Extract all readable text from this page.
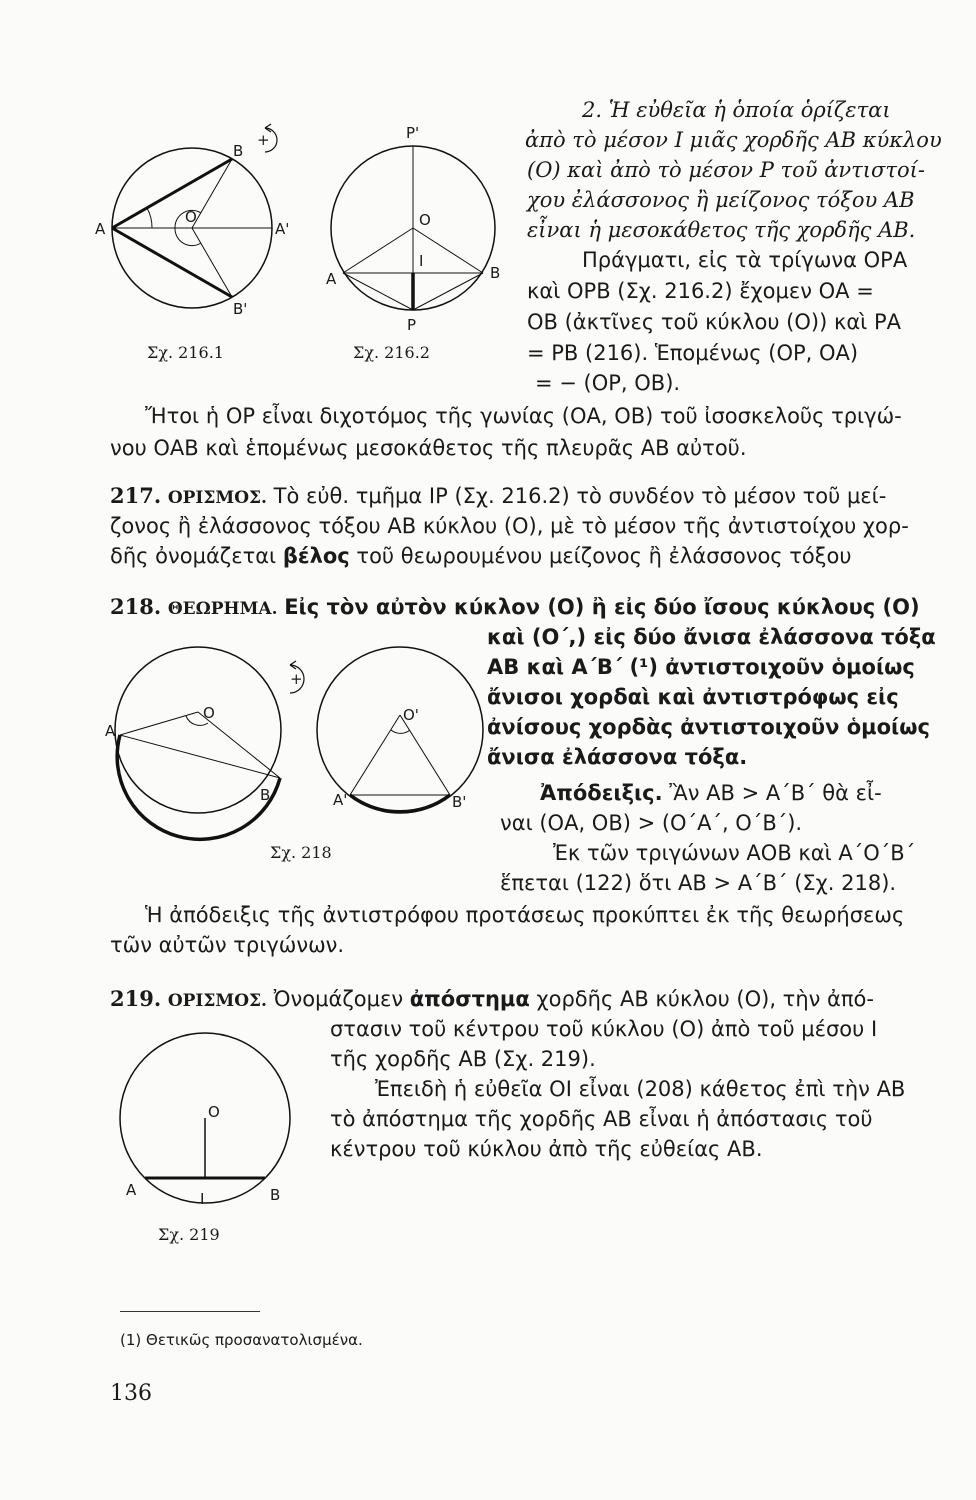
+
B
A	A'
O
B'
Σχ. 216.1
P'
O
I
A	B
P
Σχ. 216.2
2. Ἡ εὐθεῖα ἡ ὁποία ὁρίζεται
ἀπὸ τὸ μέσον Ι μιᾶς χορδῆς ΑΒ κύκλου
(Ο) καὶ ἀπὸ τὸ μέσον Ρ τοῦ ἀντιστοί-
χου ἐλάσσονος ἢ μείζονος τόξου ΑΒ
εἶναι ἡ μεσοκάθετος τῆς χορδῆς ΑΒ.
Πράγματι, εἰς τὰ τρίγωνα ΟΡΑ
καὶ ΟΡΒ (Σχ. 216.2) ἔχομεν ΟΑ =
ΟΒ (ἀκτῖνες τοῦ κύκλου (Ο)) καὶ ΡΑ
= ΡΒ (216). Ἑπομένως (ΟΡ, ΟΑ)
= − (ΟΡ, ΟΒ).
Ἤτοι ἡ ΟΡ εἶναι διχοτόμος τῆς γωνίας (ΟΑ, ΟΒ) τοῦ ἰσοσκελοῦς τριγώ-
νου ΟΑΒ καὶ ἑπομένως μεσοκάθετος τῆς πλευρᾶς ΑΒ αὐτοῦ.
217. ΟΡΙΣΜΟΣ. Τὸ εὐθ. τμῆμα ΙΡ (Σχ. 216.2) τὸ συνδέον τὸ μέσον τοῦ μεί-
ζονος ἢ ἐλάσσονος τόξου ΑΒ κύκλου (Ο), μὲ τὸ μέσον τῆς ἀντιστοίχου χορ-
δῆς ὀνομάζεται βέλος τοῦ θεωρουμένου μείζονος ἢ ἐλάσσονος τόξου
218. ΘΕΩΡΗΜΑ. Εἰς τὸν αὐτὸν κύκλον (Ο) ἢ εἰς δύο ἴσους κύκλους (Ο)
καὶ (Ο΄,) εἰς δύο ἄνισα ἐλάσσονα τόξα
ΑΒ καὶ Α΄Β΄ (¹) ἀντιστοιχοῦν ὁμοίως
ἄνισοι χορδαὶ καὶ ἀντιστρόφως εἰς
ἀνίσους χορδὰς ἀντιστοιχοῦν ὁμοίως
ἄνισα ἐλάσσονα τόξα.
Ἀπόδειξις. Ἂν ΑΒ > Α΄Β΄ θὰ εἶ-
ναι (ΟΑ, ΟΒ) > (Ο΄Α΄, Ο΄Β΄).
Ἐκ τῶν τριγώνων ΑΟΒ καὶ Α΄Ο΄Β΄
ἕπεται (122) ὅτι ΑΒ > Α΄Β΄ (Σχ. 218).
+
A
O
B
O'
A'	B'
Σχ. 218
Ἡ ἀπόδειξις τῆς ἀντιστρόφου προτάσεως προκύπτει ἐκ τῆς θεωρήσεως
τῶν αὐτῶν τριγώνων.
219. ΟΡΙΣΜΟΣ. Ὀνομάζομεν ἀπόστημα χορδῆς ΑΒ κύκλου (Ο), τὴν ἀπό-
στασιν τοῦ κέντρου τοῦ κύκλου (Ο) ἀπὸ τοῦ μέσου Ι
τῆς χορδῆς ΑΒ (Σχ. 219).
Ἐπειδὴ ἡ εὐθεῖα ΟΙ εἶναι (208) κάθετος ἐπὶ τὴν ΑΒ
τὸ ἀπόστημα τῆς χορδῆς ΑΒ εἶναι ἡ ἀπόστασις τοῦ
κέντρου τοῦ κύκλου ἀπὸ τῆς εὐθείας ΑΒ.
O
A	I	B
Σχ. 219
(1) Θετικῶς προσανατολισμένα.
136
